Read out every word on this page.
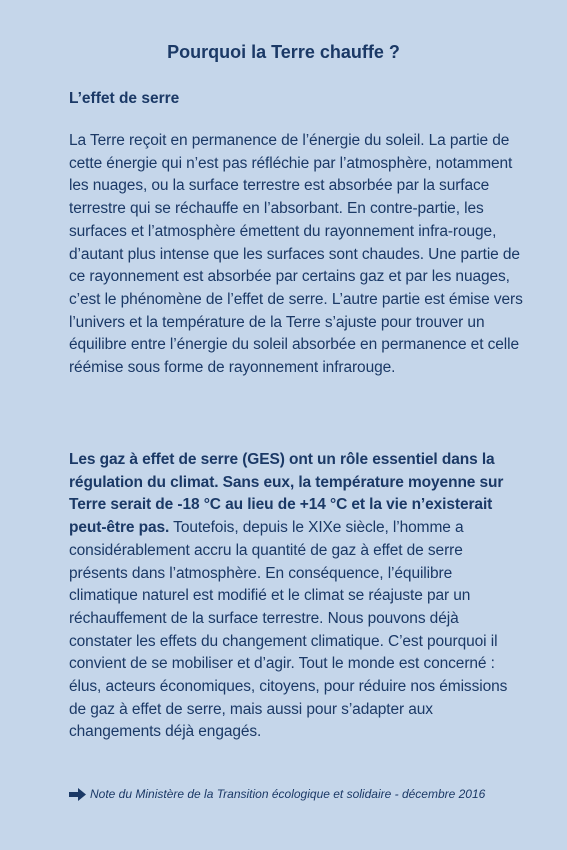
Pourquoi la Terre chauffe ?
L’effet de serre

La Terre reçoit en permanence de l’énergie du soleil. La partie de cette énergie qui n’est pas réfléchie par l’atmosphère, notamment les nuages, ou la surface terrestre est absorbée par la surface terrestre qui se réchauffe en l’absorbant. En contre-partie, les surfaces et l’atmosphère émettent du rayonnement infra-rouge, d’autant plus intense que les surfaces sont chaudes. Une partie de ce rayonnement est absorbée par certains gaz et par les nuages, c’est le phénomène de l’effet de serre. L’autre partie est émise vers l’univers et la température de la Terre s’ajuste pour trouver un équilibre entre l’énergie du soleil absorbée en permanence et celle réémise sous forme de rayonnement infrarouge.

Les gaz à effet de serre (GES) ont un rôle essentiel dans la régulation du climat. Sans eux, la température moyenne sur Terre serait de -18 °C au lieu de +14 °C et la vie n’existerait peut-être pas. Toutefois, depuis le XIXe siècle, l’homme a considérablement accru la quantité de gaz à effet de serre présents dans l’atmosphère. En conséquence, l’équilibre climatique naturel est modifié et le climat se réajuste par un réchauffement de la surface terrestre. Nous pouvons déjà constater les effets du changement climatique. C’est pourquoi il convient de se mobiliser et d’agir. Tout le monde est concerné : élus, acteurs économiques, citoyens, pour réduire nos émissions de gaz à effet de serre, mais aussi pour s’adapter aux changements déjà engagés.

Note du Ministère de la Transition écologique et solidaire - décembre 2016
